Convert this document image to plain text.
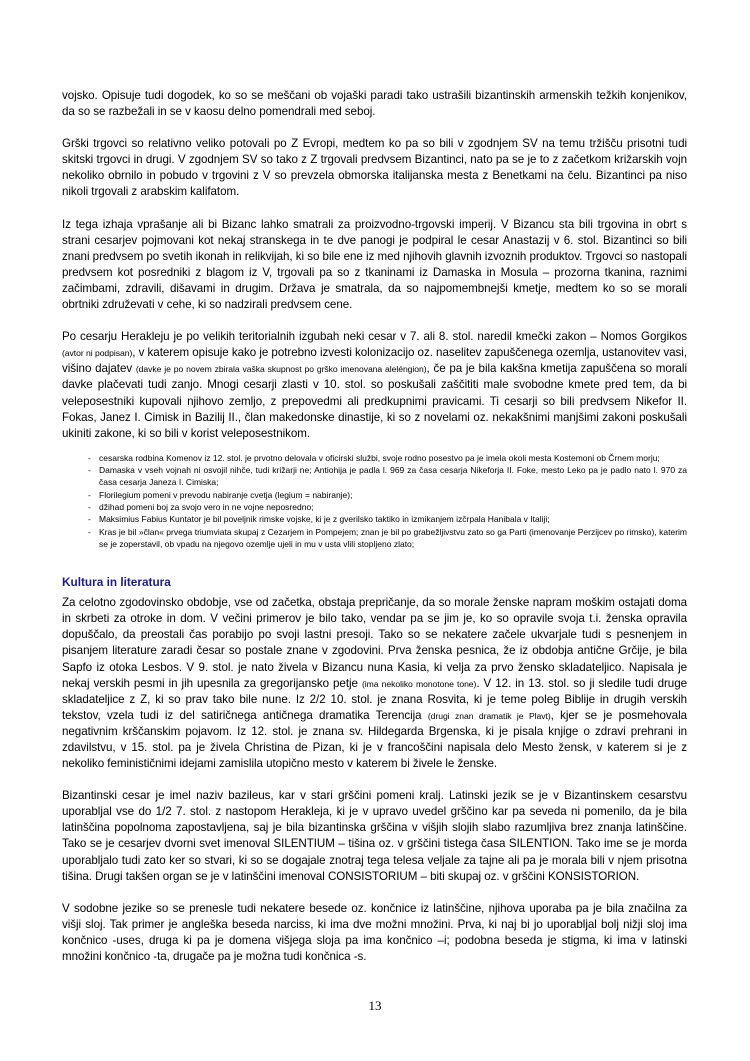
vojsko. Opisuje tudi dogodek, ko so se meščani ob vojaški paradi tako ustrašili bizantinskih armenskih težkih konjenikov, da so se razbežali in se v kaosu delno pomendrali med seboj.

Grški trgovci so relativno veliko potovali po Z Evropi, medtem ko pa so bili v zgodnjem SV na temu tržišču prisotni tudi skitski trgovci in drugi. V zgodnjem SV so tako z Z trgovali predvsem Bizantinci, nato pa se je to z začetkom križarskih vojn nekoliko obrnilo in pobudo v trgovini z V so prevzela obmorska italijanska mesta z Benetkami na čelu. Bizantinci pa niso nikoli trgovali z arabskim kalifatom.

Iz tega izhaja vprašanje ali bi Bizanc lahko smatrali za proizvodno-trgovski imperij. V Bizancu sta bili trgovina in obrt s strani cesarjev pojmovani kot nekaj stranskega in te dve panogi je podpiral le cesar Anastazij v 6. stol. Bizantinci so bili znani predvsem po svetih ikonah in relikvijah, ki so bile ene iz med njihovih glavnih izvoznih produktov. Trgovci so nastopali predvsem kot posredniki z blagom iz V, trgovali pa so z tkaninami iz Damaska in Mosula – prozorna tkanina, raznimi začimbami, zdravili, dišavami in drugim. Država je smatrala, da so najpomembnejši kmetje, medtem ko so se morali obrtniki združevati v cehe, ki so nadzirali predvsem cene.

Po cesarju Herakleju je po velikih teritorialnih izgubah neki cesar v 7. ali 8. stol. naredil kmečki zakon – Nomos Gorgikos (avtor ni podpisan), v katerem opisuje kako je potrebno izvesti kolonizacijo oz. naselitev zapuščenega ozemlja, ustanovitev vasi, višino dajatev (davke je po novem zbirala vaška skupnost po grško imenovana aleléngion), če pa je bila kakšna kmetija zapuščena so morali davke plačevati tudi zanjo. Mnogi cesarji zlasti v 10. stol. so poskušali zaščititi male svobodne kmete pred tem, da bi veleposestniki kupovali njihovo zemljo, z prepovedmi ali predkupnimi pravicami. Ti cesarji so bili predvsem Nikefor II. Fokas, Janez I. Cimisk in Bazilij II., član makedonske dinastije, ki so z novelami oz. nekakšnimi manjšimi zakoni poskušali ukiniti zakone, ki so bili v korist veleposestnikom.

- cesarska rodbina Komenov iz 12. stol. je prvotno delovala v oficirski službi, svoje rodno posestvo pa je imela okoli mesta Kostemoni ob Črnem morju;
- Damaska v vseh vojnah ni osvojil nihče, tudi križarji ne; Antiohija je padla l. 969 za časa cesarja Nikeforja II. Foke, mesto Leko pa je padlo nato l. 970 za časa cesarja Janeza I. Cimiska;
- Florilegium pomeni v prevodu nabiranje cvetja (legium = nabiranje);
- džihad pomeni boj za svojo vero in ne vojne neposredno;
- Maksimius Fabius Kuntator je bil poveljnik rimske vojske, ki je z gverilsko taktiko in izmikanjem izčrpala Hanibala v Italiji;
- Kras je bil »član« prvega triumviata skupaj z Cezarjem in Pompejem; znan je bil po grabežljivstvu zato so ga Parti (imenovanje Perzijcev po rimsko), katerim se je zoperstavil, ob vpadu na njegovo ozemlje ujeli in mu v usta vlili stopljeno zlato;
Kultura in literatura

Za celotno zgodovinsko obdobje, vse od začetka, obstaja prepričanje, da so morale ženske napram moškim ostajati doma in skrbeti za otroke in dom. V večini primerov je bilo tako, vendar pa se jim je, ko so opravile svoja t.i. ženska opravila dopuščalo, da preostali čas porabijo po svoji lastni presoji. Tako so se nekatere začele ukvarjale tudi s pesnenjem in pisanjem literature zaradi česar so postale znane v zgodovini. Prva ženska pesnica, že iz obdobja antične Grčije, je bila Sapfo iz otoka Lesbos. V 9. stol. je nato živela v Bizancu nuna Kasia, ki velja za prvo žensko skladateljico. Napisala je nekaj verskih pesmi in jih upesnila za gregorijansko petje (ima nekoliko monotone tone). V 12. in 13. stol. so ji sledile tudi druge skladateljice z Z, ki so prav tako bile nune. Iz 2/2 10. stol. je znana Rosvita, ki je teme poleg Biblije in drugih verskih tekstov, vzela tudi iz del satiričnega antičnega dramatika Terencija (drugi znan dramatik je Plavt), kjer se je posmehovala negativnim krščanskim pojavom. Iz 12. stol. je znana sv. Hildegarda Brgenska, ki je pisala knjige o zdravi prehrani in zdavilstvu, v 15. stol. pa je živela Christina de Pizan, ki je v francoščini napisala delo Mesto žensk, v katerem si je z nekoliko feminističnimi idejami zamislila utopično mesto v katerem bi živele le ženske.

Bizantinski cesar je imel naziv bazileus, kar v stari grščini pomeni kralj. Latinski jezik se je v Bizantinskem cesarstvu uporabljal vse do 1/2 7. stol. z nastopom Herakleja, ki je v upravo uvedel grščino kar pa seveda ni pomenilo, da je bila latinščina popolnoma zapostavljena, saj je bila bizantinska grščina v višjih slojih slabo razumljiva brez znanja latinščine. Tako se je cesarjev dvorni svet imenoval SILENTIUM – tišina oz. v grščini tistega časa SILENTION. Tako ime se je morda uporabljalo tudi zato ker so stvari, ki so se dogajale znotraj tega telesa veljale za tajne ali pa je morala bili v njem prisotna tišina. Drugi takšen organ se je v latinščini imenoval CONSISTORIUM – biti skupaj oz. v grščini KONSISTORION.

V sodobne jezike so se prenesle tudi nekatere besede oz. končnice iz latinščine, njihova uporaba pa je bila značilna za višji sloj. Tak primer je angleška beseda narciss, ki ima dve možni množini. Prva, ki naj bi jo uporabljal bolj nižji sloj ima končnico -uses, druga ki pa je domena višjega sloja pa ima končnico –i; podobna beseda je stigma, ki ima v latinski množini končnico -ta, drugače pa je možna tudi končnica -s.

13
